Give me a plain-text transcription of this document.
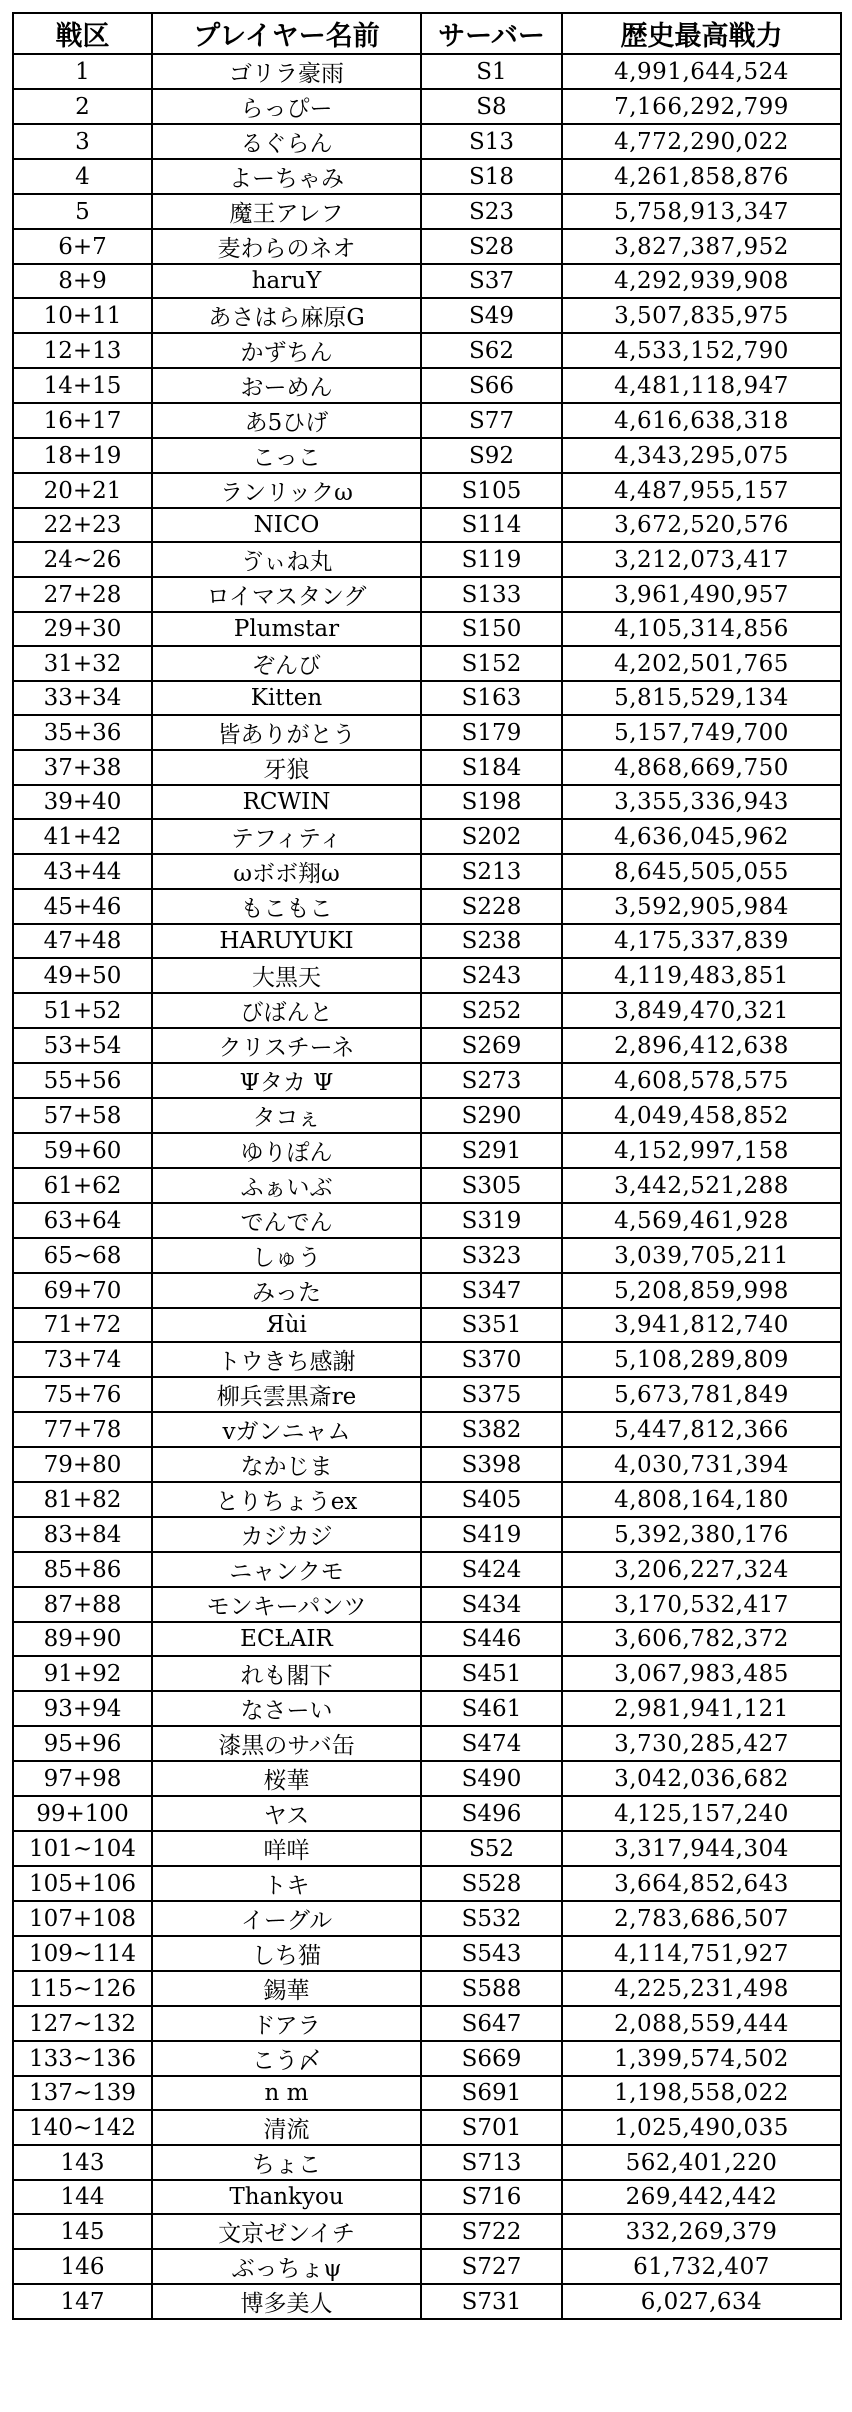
戦区	プレイヤー名前	サーバー	歴史最高戦力
1	ゴリラ豪雨	S1	4,991,644,524
2	らっぴー	S8	7,166,292,799
3	るぐらん	S13	4,772,290,022
4	よーちゃみ	S18	4,261,858,876
5	魔王アレフ	S23	5,758,913,347
6+7	麦わらのネオ	S28	3,827,387,952
8+9	haruY	S37	4,292,939,908
10+11	あさはら麻原G	S49	3,507,835,975
12+13	かずちん	S62	4,533,152,790
14+15	おーめん	S66	4,481,118,947
16+17	あ5ひげ	S77	4,616,638,318
18+19	こっこ	S92	4,343,295,075
20+21	ランリックω	S105	4,487,955,157
22+23	NICO	S114	3,672,520,576
24~26	ゔぃね丸	S119	3,212,073,417
27+28	ロイマスタング	S133	3,961,490,957
29+30	Plumstar	S150	4,105,314,856
31+32	ぞんび	S152	4,202,501,765
33+34	Kitten	S163	5,815,529,134
35+36	皆ありがとう	S179	5,157,749,700
37+38	牙狼	S184	4,868,669,750
39+40	RCWIN	S198	3,355,336,943
41+42	テフィティ	S202	4,636,045,962
43+44	ωボボ翔ω	S213	8,645,505,055
45+46	もこもこ	S228	3,592,905,984
47+48	HARUYUKI	S238	4,175,337,839
49+50	大黒天	S243	4,119,483,851
51+52	びばんと	S252	3,849,470,321
53+54	クリスチーネ	S269	2,896,412,638
55+56	Ψタカ Ψ	S273	4,608,578,575
57+58	タコぇ	S290	4,049,458,852
59+60	ゆりぽん	S291	4,152,997,158
61+62	ふぁいぶ	S305	3,442,521,288
63+64	でんでん	S319	4,569,461,928
65~68	しゅう	S323	3,039,705,211
69+70	みった	S347	5,208,859,998
71+72	Яùi	S351	3,941,812,740
73+74	トウきち感謝	S370	5,108,289,809
75+76	柳兵雲黒斎re	S375	5,673,781,849
77+78	vガンニャム	S382	5,447,812,366
79+80	なかじま	S398	4,030,731,394
81+82	とりちょうex	S405	4,808,164,180
83+84	カジカジ	S419	5,392,380,176
85+86	ニャンクモ	S424	3,206,227,324
87+88	モンキーパンツ	S434	3,170,532,417
89+90	ECȽAIR	S446	3,606,782,372
91+92	れも閣下	S451	3,067,983,485
93+94	なさーい	S461	2,981,941,121
95+96	漆黒のサバ缶	S474	3,730,285,427
97+98	桜華	S490	3,042,036,682
99+100	ヤス	S496	4,125,157,240
101~104	咩咩	S52	3,317,944,304
105+106	トキ	S528	3,664,852,643
107+108	イーグル	S532	2,783,686,507
109~114	しち猫	S543	4,114,751,927
115~126	錫華	S588	4,225,231,498
127~132	ドアラ	S647	2,088,559,444
133~136	こう〆	S669	1,399,574,502
137~139	n m	S691	1,198,558,022
140~142	清流	S701	1,025,490,035
143	ちょこ	S713	562,401,220
144	Thankyou	S716	269,442,442
145	文京ゼンイチ	S722	332,269,379
146	ぶっちょψ	S727	61,732,407
147	博多美人	S731	6,027,634
